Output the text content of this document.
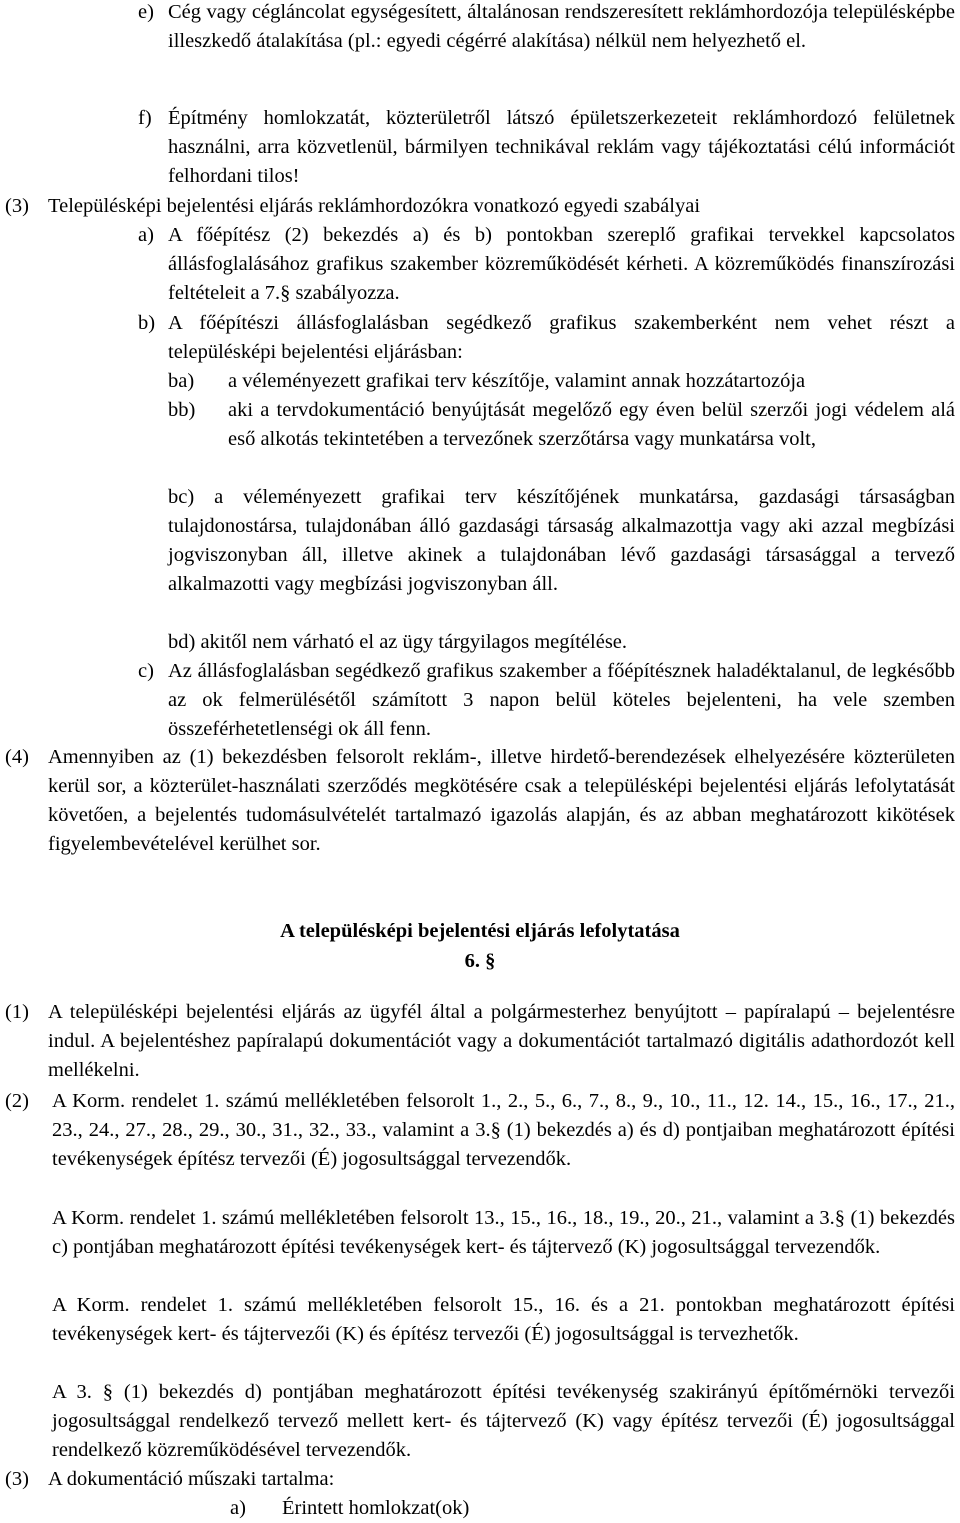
e) Cég vagy cégláncolat egységesített, általánosan rendszeresített reklámhordozója településképbe illeszkedő átalakítása (pl.: egyedi cégérré alakítása) nélkül nem helyezhető el.

f) Építmény homlokzatát, közterületről látszó épületszerkezeteit reklámhordozó felületnek használni, arra közvetlenül, bármilyen technikával reklám vagy tájékoztatási célú információt felhordani tilos!

(3) Településképi bejelentési eljárás reklámhordozókra vonatkozó egyedi szabályai

a) A főépítész (2) bekezdés a) és b) pontokban szereplő grafikai tervekkel kapcsolatos állásfoglalásához grafikus szakember közreműködését kérheti. A közreműködés finanszírozási feltételeit a 7.§ szabályozza.

b) A főépítészi állásfoglalásban segédkező grafikus szakemberként nem vehet részt a településképi bejelentési eljárásban:

ba) a véleményezett grafikai terv készítője, valamint annak hozzátartozója

bb) aki a tervdokumentáció benyújtását megelőző egy éven belül szerzői jogi védelem alá eső alkotás tekintetében a tervezőnek szerzőtársa vagy munkatársa volt,

bc) a véleményezett grafikai terv készítőjének munkatársa, gazdasági társaságban tulajdonostársa, tulajdonában álló gazdasági társaság alkalmazottja vagy aki azzal megbízási jogviszonyban áll, illetve akinek a tulajdonában lévő gazdasági társasággal a tervező alkalmazotti vagy megbízási jogviszonyban áll.

bd) akitől nem várható el az ügy tárgyilagos megítélése.

c) Az állásfoglalásban segédkező grafikus szakember a főépítésznek haladéktalanul, de legkésőbb az ok felmerülésétől számított 3 napon belül köteles bejelenteni, ha vele szemben összeférhetetlenségi ok áll fenn.

(4) Amennyiben az (1) bekezdésben felsorolt reklám-, illetve hirdető-berendezések elhelyezésére közterületen kerül sor, a közterület-használati szerződés megkötésére csak a településképi bejelentési eljárás lefolytatását követően, a bejelentés tudomásulvételét tartalmazó igazolás alapján, és az abban meghatározott kikötések figyelembevételével kerülhet sor.

A településképi bejelentési eljárás lefolytatása

6. §

(1) A településképi bejelentési eljárás az ügyfél által a polgármesterhez benyújtott – papíralapú – bejelentésre indul. A bejelentéshez papíralapú dokumentációt vagy a dokumentációt tartalmazó digitális adathordozót kell mellékelni.

(2) A Korm. rendelet 1. számú mellékletében felsorolt 1., 2., 5., 6., 7., 8., 9., 10., 11., 12. 14., 15., 16., 17., 21., 23., 24., 27., 28., 29., 30., 31., 32., 33., valamint a 3.§ (1) bekezdés a) és d) pontjaiban meghatározott építési tevékenységek építész tervezői (É) jogosultsággal tervezendők.

A Korm. rendelet 1. számú mellékletében felsorolt 13., 15., 16., 18., 19., 20., 21., valamint a 3.§ (1) bekezdés c) pontjában meghatározott építési tevékenységek kert- és tájtervező (K) jogosultsággal tervezendők.

A Korm. rendelet 1. számú mellékletében felsorolt 15., 16. és a 21. pontokban meghatározott építési tevékenységek kert- és tájtervezői (K) és építész tervezői (É) jogosultsággal is tervezhetők.

A 3. § (1) bekezdés d) pontjában meghatározott építési tevékenység szakirányú építőmérnöki tervezői jogosultsággal rendelkező tervező mellett kert- és tájtervező (K) vagy építész tervezői (É) jogosultsággal rendelkező közreműködésével tervezendők.

(3) A dokumentáció műszaki tartalma:

a) Érintett homlokzat(ok)
